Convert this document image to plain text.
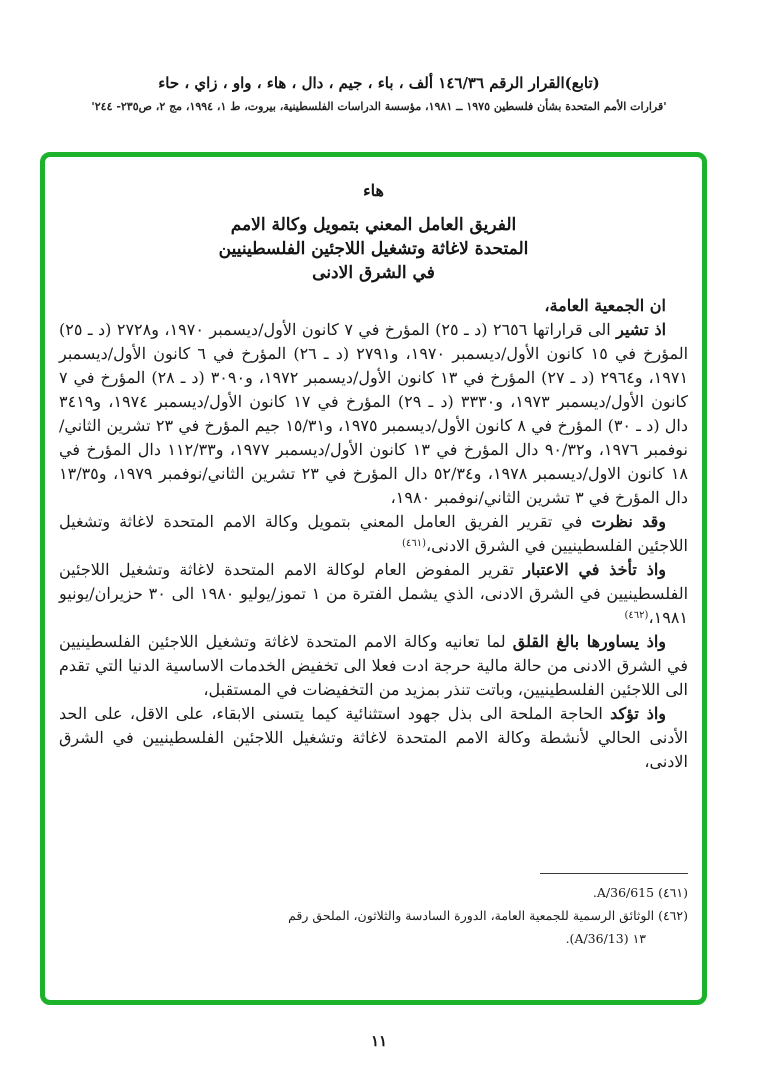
(تابع)القرار الرقم ١٤٦/٣٦ ألف ، باء ، جيم ، دال ، هاء ، واو ، زاي ، حاء
'قرارات الأمم المتحدة بشأن فلسطين ١٩٧٥ ــ ١٩٨١، مؤسسة الدراسات الفلسطينية، بيروت، ط ١، ١٩٩٤، مج ٢، ص٢٣٥- ٢٤٤'
هاء
الفريق العامل المعني بتمويل وكالة الامم
المتحدة لاغاثة وتشغيل اللاجئين الفلسطينيين
في الشرق الادنى

ان الجمعية العامة،

اذ تشير الى قراراتها ٢٦٥٦ (د ـ ٢٥) المؤرخ في ٧ كانون الأول/ديسمبر ١٩٧٠، و٢٧٢٨ (د ـ ٢٥) المؤرخ في ١٥ كانون الأول/ديسمبر ١٩٧٠، و٢٧٩١ (د ـ ٢٦) المؤرخ في ٦ كانون الأول/ديسمبر ١٩٧١، و٢٩٦٤ (د ـ ٢٧) المؤرخ في ١٣ كانون الأول/ديسمبر ١٩٧٢، و٣٠٩٠ (د ـ ٢٨) المؤرخ في ٧ كانون الأول/ديسمبر ١٩٧٣، و٣٣٣٠ (د ـ ٢٩) المؤرخ في ١٧ كانون الأول/ديسمبر ١٩٧٤، و٣٤١٩ دال (د ـ ٣٠) المؤرخ في ٨ كانون الأول/ديسمبر ١٩٧٥، و١٥/٣١ جيم المؤرخ في ٢٣ تشرين الثاني/نوفمبر ١٩٧٦، و٩٠/٣٢ دال المؤرخ في ١٣ كانون الأول/ديسمبر ١٩٧٧، و١١٢/٣٣ دال المؤرخ في ١٨ كانون الاول/ديسمبر ١٩٧٨، و٥٢/٣٤ دال المؤرخ في ٢٣ تشرين الثاني/نوفمبر ١٩٧٩، و١٣/٣٥ دال المؤرخ في ٣ تشرين الثاني/نوفمبر ١٩٨٠،

وقد نظرت في تقرير الفريق العامل المعني بتمويل وكالة الامم المتحدة لاغاثة وتشغيل اللاجئين الفلسطينيين في الشرق الادنى،$^{(٤٦١)}$

واذ تأخذ في الاعتبار تقرير المفوض العام لوكالة الامم المتحدة لاغاثة وتشغيل اللاجئين الفلسطينيين في الشرق الادنى، الذي يشمل الفترة من ١ تموز/يوليو ١٩٨٠ الى ٣٠ حزيران/يونيو ١٩٨١،$^{(٤٦٢)}$

واذ يساورها بالغ القلق لما تعانيه وكالة الامم المتحدة لاغاثة وتشغيل اللاجئين الفلسطينيين في الشرق الادنى من حالة مالية حرجة ادت فعلا الى تخفيض الخدمات الاساسية الدنيا التي تقدم الى اللاجئين الفلسطينيين، وباتت تنذر بمزيد من التخفيضات في المستقبل،

واذ تؤكد الحاجة الملحة الى بذل جهود استثنائية كيما يتسنى الابقاء، على الاقل، على الحد الأدنى الحالي لأنشطة وكالة الامم المتحدة لاغاثة وتشغيل اللاجئين الفلسطينيين في الشرق الادنى،

(٤٦١) A/36/615.
(٤٦٢) الوثائق الرسمية للجمعية العامة، الدورة السادسة والثلاثون، الملحق رقم
١٣ (A/36/13).
١١
